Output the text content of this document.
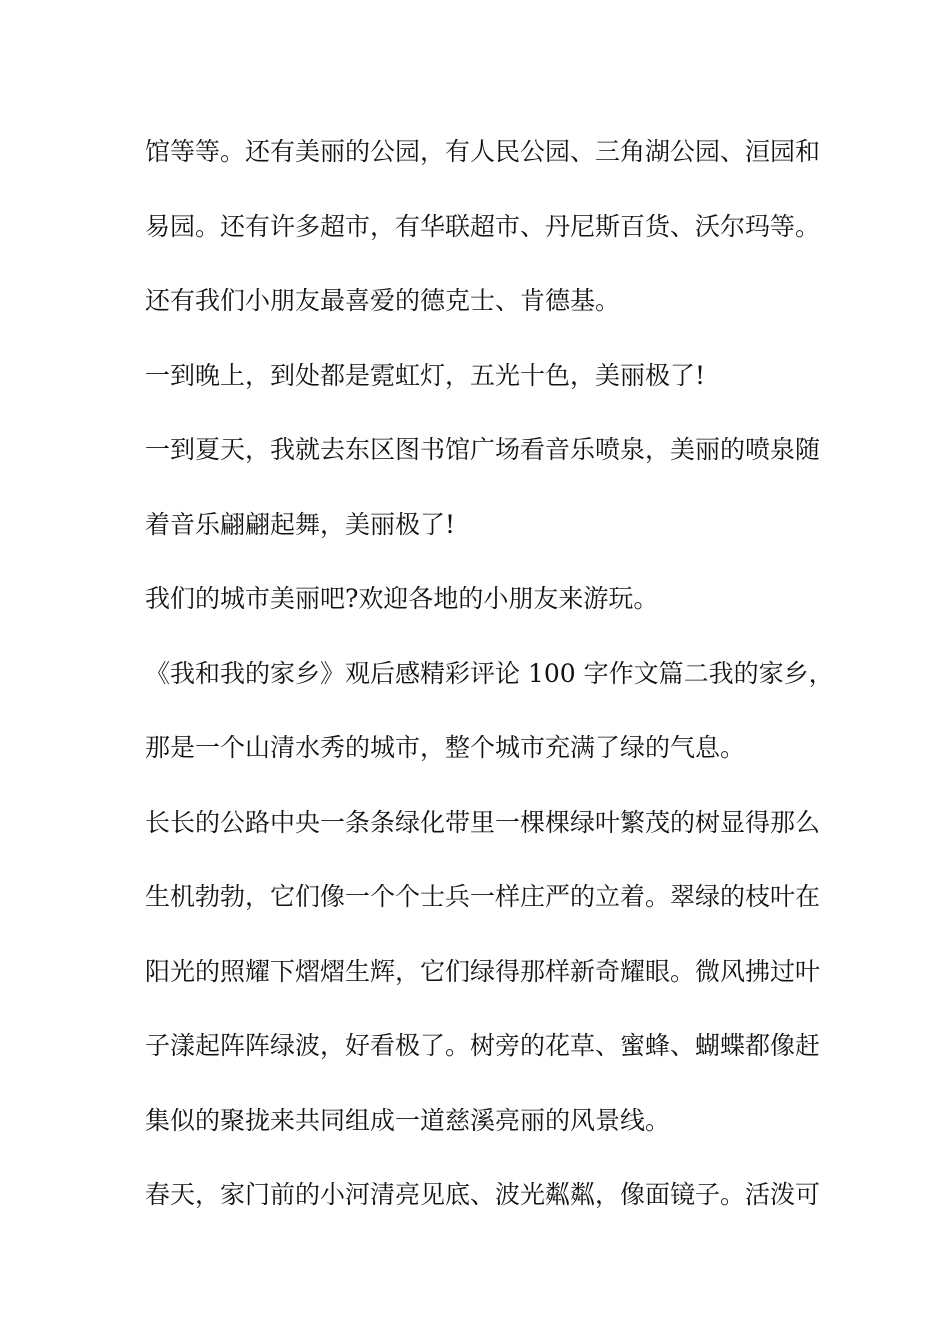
馆等等。还有美丽的公园，有人民公园、三角湖公园、洹园和
易园。还有许多超市，有华联超市、丹尼斯百货、沃尔玛等。
还有我们小朋友最喜爱的德克士、肯德基。
一到晚上，到处都是霓虹灯，五光十色，美丽极了!
一到夏天，我就去东区图书馆广场看音乐喷泉，美丽的喷泉随
着音乐翩翩起舞，美丽极了!
我们的城市美丽吧?欢迎各地的小朋友来游玩。
《我和我的家乡》观后感精彩评论 100 字作文篇二我的家乡，
那是一个山清水秀的城市，整个城市充满了绿的气息。
长长的公路中央一条条绿化带里一棵棵绿叶繁茂的树显得那么
生机勃勃，它们像一个个士兵一样庄严的立着。翠绿的枝叶在
阳光的照耀下熠熠生辉，它们绿得那样新奇耀眼。微风拂过叶
子漾起阵阵绿波，好看极了。树旁的花草、蜜蜂、蝴蝶都像赶
集似的聚拢来共同组成一道慈溪亮丽的风景线。
春天，家门前的小河清亮见底、波光粼粼，像面镜子。活泼可
